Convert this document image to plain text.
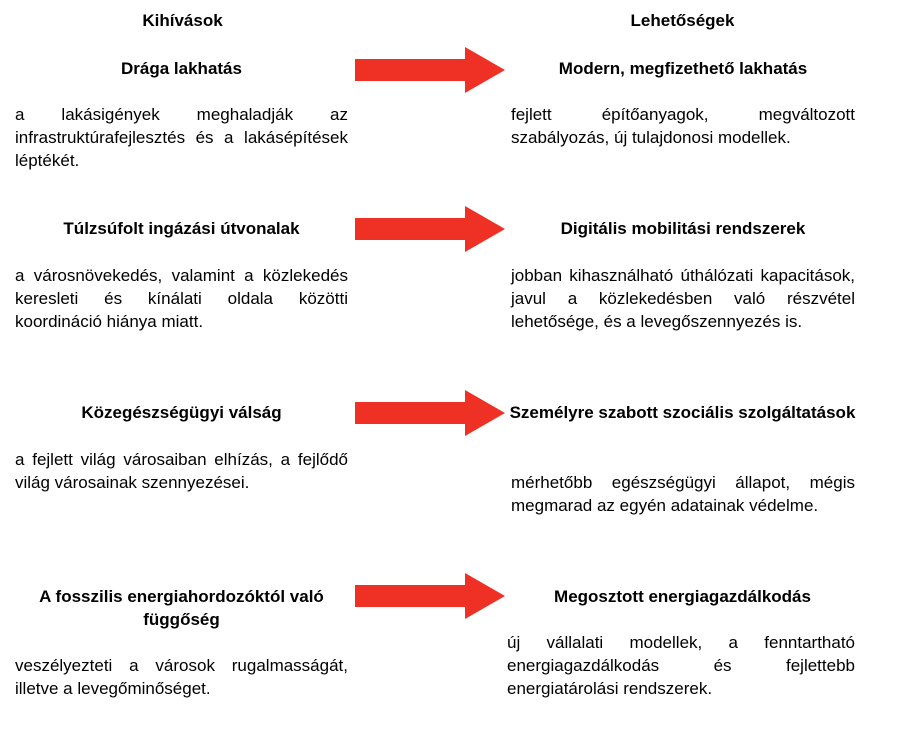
Kihívások	Lehetőségek
Drága lakhatás
a lakásigények meghaladják az infrastruktúrafejlesztés és a lakásépítések léptékét.
Modern, megfizethető lakhatás
fejlett építőanyagok, megváltozott szabályozás, új tulajdonosi modellek.
Túlzsúfolt ingázási útvonalak
a városnövekedés, valamint a közlekedés keresleti és kínálati oldala közötti koordináció hiánya miatt.
Digitális mobilitási rendszerek
jobban kihasználható úthálózati kapacitások, javul a közlekedésben való részvétel lehetősége, és a levegőszennyezés is.
Közegészségügyi válság
a fejlett világ városaiban elhízás, a fejlődő világ városainak szennyezései.
Személyre szabott szociális szolgáltatások
mérhetőbb egészségügyi állapot, mégis megmarad az egyén adatainak védelme.
A fosszilis energiahordozóktól való függőség
veszélyezteti a városok rugalmasságát, illetve a levegőminőséget.
Megosztott energiagazdálkodás
új vállalati modellek, a fenntartható energiagazdálkodás és fejlettebb energiatárolási rendszerek.
